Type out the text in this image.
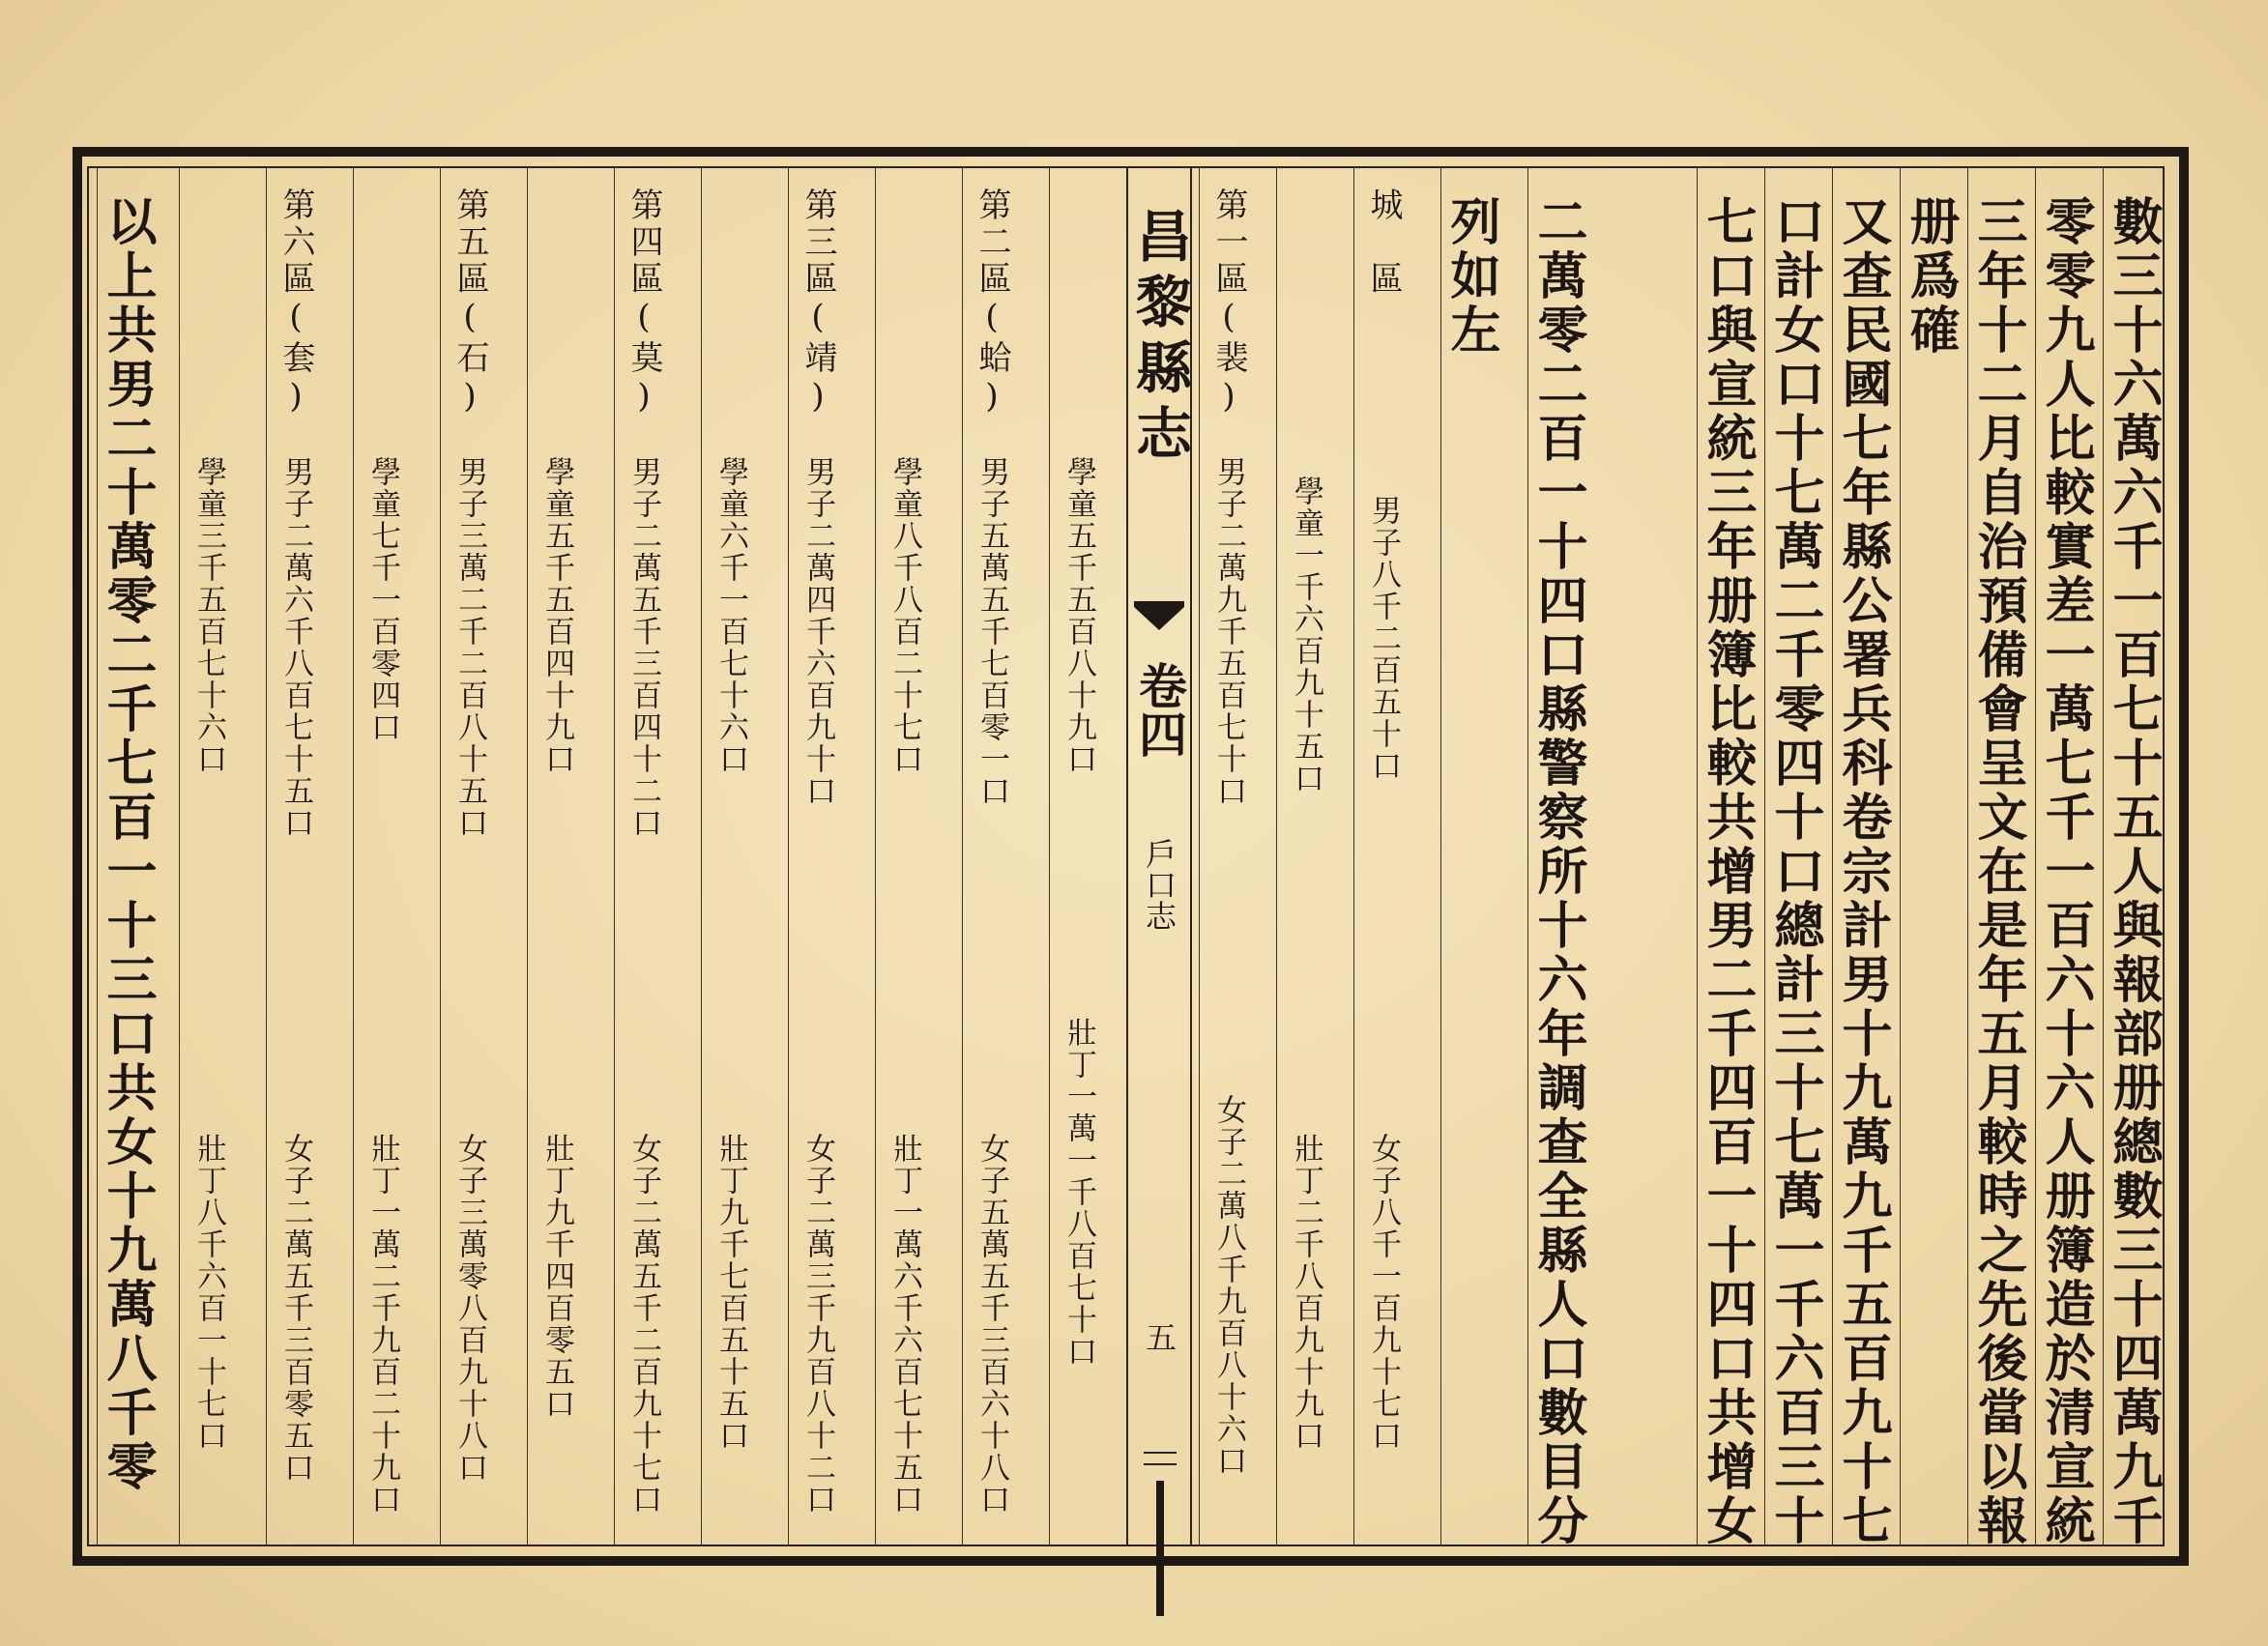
數三十六萬六千一百七十五人與報部册總數三十四萬九千
零零九人比較實差一萬七千一百六十六人册簿造於清宣統
三年十二月自治預備會呈文在是年五月較時之先後當以報
册爲確
又查民國七年縣公署兵科卷宗計男十九萬九千五百九十七
口計女口十七萬二千零四十口總計三十七萬一千六百三十
七口與宣統三年册簿比較共增男二千四百一十四口共增女
二萬零二百一十四口縣警察所十六年調查全縣人口數目分
列如左
城　區
男子八千二百五十口
女子八千一百九十七口
學童一千六百九十五口
壯丁二千八百九十九口
第一區(裴)
男子二萬九千五百七十口
女子二萬八千九百八十六口
昌黎縣志
卷四
戶口志
五
學童五千五百八十九口
壯丁一萬一千八百七十口
第二區(蛤)
男子五萬五千七百零一口
女子五萬五千三百六十八口
學童八千八百二十七口
壯丁一萬六千六百七十五口
第三區(靖)
男子二萬四千六百九十口
女子二萬三千九百八十二口
學童六千一百七十六口
壯丁九千七百五十五口
第四區(莫)
男子二萬五千三百四十二口
女子二萬五千二百九十七口
學童五千五百四十九口
壯丁九千四百零五口
第五區(石)
男子三萬二千二百八十五口
女子三萬零八百九十八口
學童七千一百零四口
壯丁一萬二千九百二十九口
第六區(套)
男子二萬六千八百七十五口
女子二萬五千三百零五口
學童三千五百七十六口
壯丁八千六百一十七口
以上共男二十萬零二千七百一十三口共女十九萬八千零
